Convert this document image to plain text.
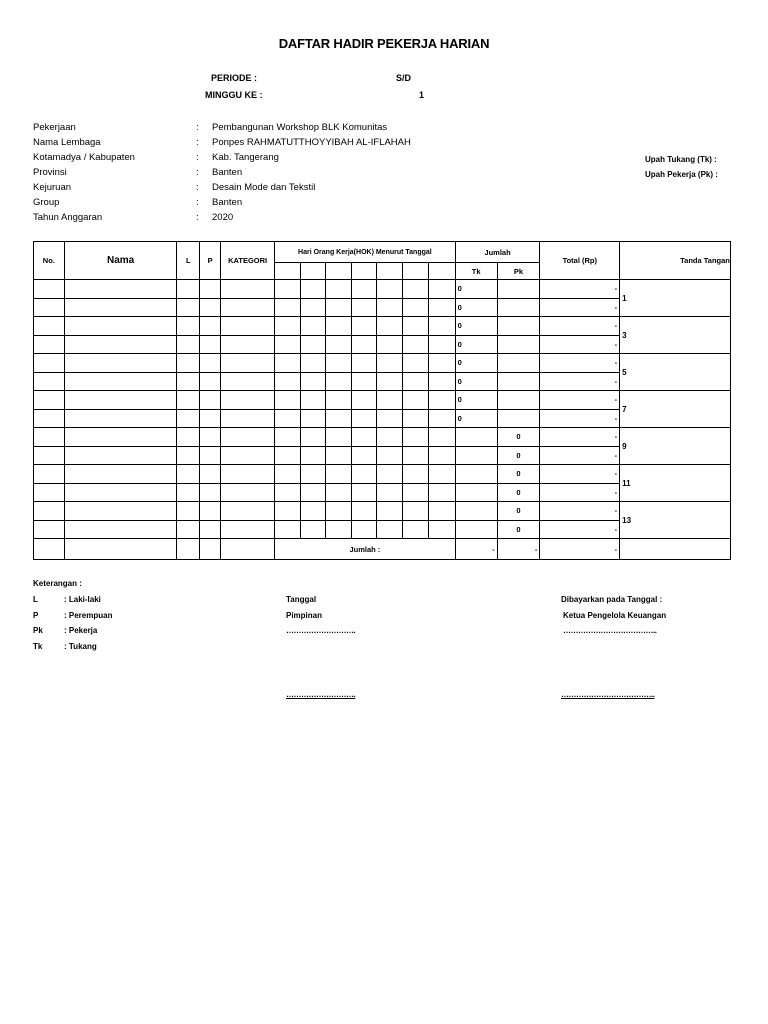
DAFTAR HADIR PEKERJA HARIAN
PERIODE :	S/D
MINGGU KE :	1
Pekerjaan	: Pembangunan Workshop BLK Komunitas
Nama Lembaga	: Ponpes RAHMATUTTHOYYIBAH AL-IFLAHAH
Kotamadya / Kabupaten	: Kab. Tangerang
Provinsi	: Banten
Kejuruan	: Desain Mode dan Tekstil
Group	: Banten
Tahun Anggaran	: 2020
Upah Tukang (Tk) :
Upah Pekerja (Pk) :
No.	Nama	L	P	KATEGORI	Hari Orang Kerja(HOK) Menurut Tanggal							Jumlah		Total (Rp)	Tanda Tangan
												Tk	Pk		
												0		-	1
												0		-	
												0		-	3
												0		-	
												0		-	5
												0		-	
												0		-	7
												0		-	
													0	-	9
													0	-	
													0	-	11
													0	-	
													0	-	13
													0	-	
					Jumlah :							-	-	-	
Keterangan :
L	: Laki-laki
P	: Perempuan
Pk	: Pekerja
Tk	: Tukang
Tanggal
Pimpinan
……………………….
……………………….
Dibayarkan pada Tanggal :
Ketua Pengelola Keuangan
………………………………..
………………………………..
